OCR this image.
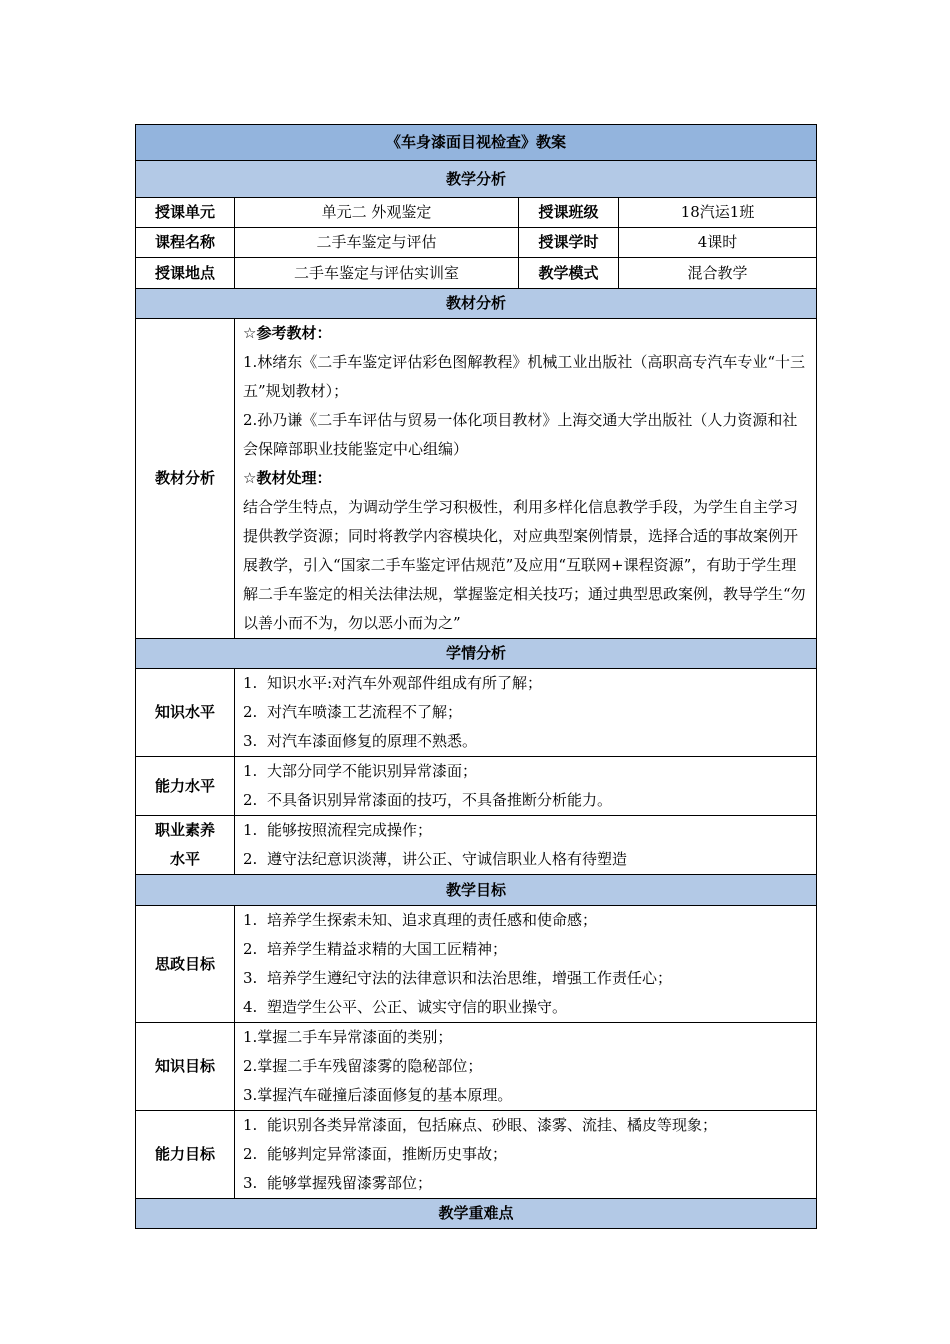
《车身漆面目视检查》教案			
教学分析			
授课单元	单元二 外观鉴定	授课班级	18汽运1班
课程名称	二手车鉴定与评估	授课学时	4课时
授课地点	二手车鉴定与评估实训室	教学模式	混合教学
教材分析			
教材分析	☆参考教材：
1.林绪东《二手车鉴定评估彩色图解教程》机械工业出版社（高职高专汽车专业“十三五”规划教材）；
2.孙乃谦《二手车评估与贸易一体化项目教材》上海交通大学出版社（人力资源和社会保障部职业技能鉴定中心组编）
☆教材处理：
结合学生特点，为调动学生学习积极性，利用多样化信息教学手段，为学生自主学习提供教学资源；同时将教学内容模块化，对应典型案例情景，选择合适的事故案例开展教学，引入“国家二手车鉴定评估规范”及应用“互联网+课程资源”，有助于学生理解二手车鉴定的相关法律法规，掌握鉴定相关技巧；通过典型思政案例，教导学生“勿以善小而不为，勿以恶小而为之”		

学情分析			
知识水平	1. 知识水平:对汽车外观部件组成有所了解；
2. 对汽车喷漆工艺流程不了解；
3. 对汽车漆面修复的原理不熟悉。		

能力水平	1. 大部分同学不能识别异常漆面；
2. 不具备识别异常漆面的技巧，不具备推断分析能力。		

职业素养
水平	1. 能够按照流程完成操作；
2. 遵守法纪意识淡薄，讲公正、守诚信职业人格有待塑造		

教学目标			
思政目标	1. 培养学生探索未知、追求真理的责任感和使命感；
2. 培养学生精益求精的大国工匠精神；
3. 培养学生遵纪守法的法律意识和法治思维，增强工作责任心；
4. 塑造学生公平、公正、诚实守信的职业操守。		

知识目标	1.掌握二手车异常漆面的类别；
2.掌握二手车残留漆雾的隐秘部位；
3.掌握汽车碰撞后漆面修复的基本原理。		

能力目标	1. 能识别各类异常漆面，包括麻点、砂眼、漆雾、流挂、橘皮等现象；
2. 能够判定异常漆面，推断历史事故；
3. 能够掌握残留漆雾部位；		

教学重难点			
